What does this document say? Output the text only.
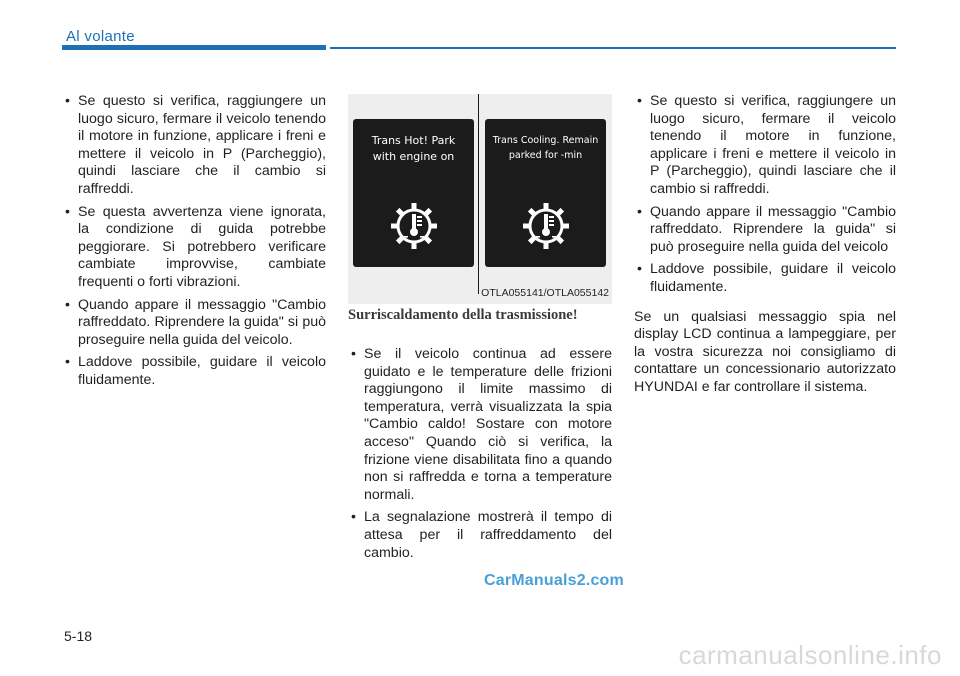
Al volante
• Se questo si verifica, raggiungere un luogo sicuro, fermare il veicolo tenendo il motore in funzione, applicare i freni e mettere il veicolo in P (Parcheggio), quindi lasciare che il cambio si raffreddi.
• Se questa avvertenza viene ignorata, la condizione di guida potrebbe peggiorare. Si potrebbero verificare cambiate improvvise, cambiate frequenti o forti vibrazioni.
• Quando appare il messaggio "Cambio raffreddato. Riprendere la guida" si può proseguire nella guida del veicolo.
• Laddove possibile, guidare il veicolo fluidamente.
Trans Hot! Park
with engine on
Trans Cooling. Remain
parked for -min
OTLA055141/OTLA055142
Surriscaldamento della trasmissione!
• Se il veicolo continua ad essere guidato e le temperature delle frizioni raggiungono il limite massimo di temperatura, verrà visualizzata la spia "Cambio caldo! Sostare con motore acceso" Quando ciò si verifica, la frizione viene disabilitata fino a quando non si raffredda e torna a temperature normali.
• La segnalazione mostrerà il tempo di attesa per il raffreddamento del cambio.
• Se questo si verifica, raggiungere un luogo sicuro, fermare il veicolo tenendo il motore in funzione, applicare i freni e mettere il veicolo in P (Parcheggio), quindi lasciare che il cambio si raffreddi.
• Quando appare il messaggio "Cambio raffreddato. Riprendere la guida" si può proseguire nella guida del veicolo
• Laddove possibile, guidare il veicolo fluidamente.

Se un qualsiasi messaggio spia nel display LCD continua a lampeggiare, per la vostra sicurezza noi consigliamo di contattare un concessionario autorizzato HYUNDAI e far controllare il sistema.

CarManuals2.com
5-18
carmanualsonline.info
